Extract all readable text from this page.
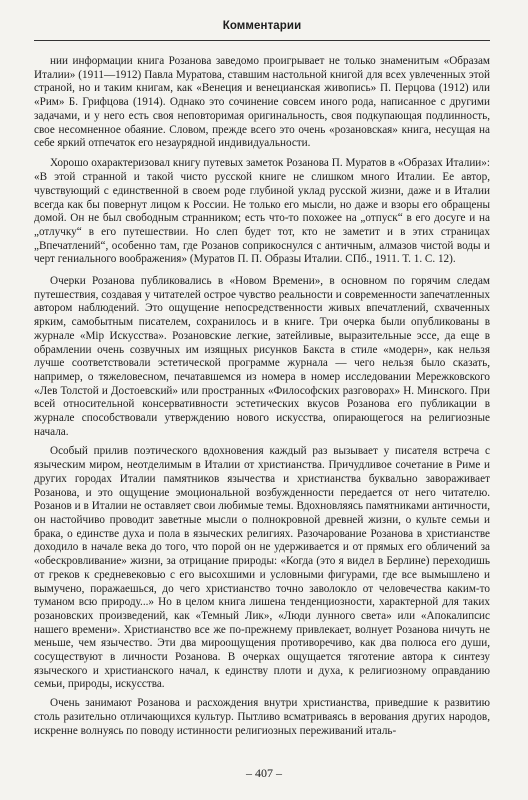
Комментарии

нии информации книга Розанова заведомо проигрывает не только знаменитым «Образам Италии» (1911—1912) Павла Муратова, ставшим настольной книгой для всех увлеченных этой страной, но и таким книгам, как «Венеция и венецианская живопись» П. Перцова (1912) или «Рим» Б. Грифцова (1914). Однако это сочинение совсем иного рода, написанное с другими задачами, и у него есть своя неповторимая оригинальность, своя подкупающая подлинность, свое несомненное обаяние. Словом, прежде всего это очень «розановская» книга, несущая на себе яркий отпечаток его незаурядной индивидуальности.

Хорошо охарактеризовал книгу путевых заметок Розанова П. Муратов в «Образах Италии»: «В этой странной и такой чисто русской книге не слишком много Италии. Ее автор, чувствующий с единственной в своем роде глубиной уклад русской жизни, даже и в Италии всегда как бы повернут лицом к России. Не только его мысли, но даже и взоры его обращены домой. Он не был свободным странником; есть что-то похожее на „отпуск“ в его досуге и на „отлучку“ в его путешествии. Но слеп будет тот, кто не заметит и в этих страницах „Впечатлений“, особенно там, где Розанов соприкоснулся с античным, алмазов чистой воды и черт гениального воображения» (Муратов П. П. Образы Италии. СПб., 1911. Т. 1. С. 12).

Очерки Розанова публиковались в «Новом Времени», в основном по горячим следам путешествия, создавая у читателей острое чувство реальности и современности запечатленных автором наблюдений. Это ощущение непосредственности живых впечатлений, схваченных ярким, самобытным писателем, сохранилось и в книге. Три очерка были опубликованы в журнале «Мір Искусства». Розановские легкие, затейливые, выразительные эссе, да еще в обрамлении очень созвучных им изящных рисунков Бакста в стиле «модерн», как нельзя лучше соответствовали эстетической программе журнала — чего нельзя было сказать, например, о тяжеловесном, печатавшемся из номера в номер исследовании Мережковского «Лев Толстой и Достоевский» или пространных «Философских разговорах» Н. Минского. При всей относительной консервативности эстетических вкусов Розанова его публикации в журнале способствовали утверждению нового искусства, опирающегося на религиозные начала.

Особый прилив поэтического вдохновения каждый раз вызывает у писателя встреча с языческим миром, неотделимым в Италии от христианства. Причудливое сочетание в Риме и других городах Италии памятников язычества и христианства буквально завораживает Розанова, и это ощущение эмоциональной возбужденности передается от него читателю. Розанов и в Италии не оставляет свои любимые темы. Вдохновляясь памятниками античности, он настойчиво проводит заветные мысли о полнокровной древней жизни, о культе семьи и брака, о единстве духа и пола в языческих религиях. Разочарование Розанова в христианстве доходило в начале века до того, что порой он не удерживается и от прямых его обличений за «обескровливание» жизни, за отрицание природы: «Когда (это я видел в Берлине) переходишь от греков к средневековью с его высохшими и условными фигурами, где все вымышлено и вымучено, поражаешься, до чего христианство точно заволокло от человечества каким-то туманом всю природу...» Но в целом книга лишена тенденциозности, характерной для таких розановских произведений, как «Темный Лик», «Люди лунного света» или «Апокалипсис нашего времени». Христианство все же по-прежнему привлекает, волнует Розанова ничуть не меньше, чем язычество. Эти два мироощущения противоречиво, как два полюса его души, сосуществуют в личности Розанова. В очерках ощущается тяготение автора к синтезу языческого и христианского начал, к единству плоти и духа, к религиозному оправданию семьи, природы, искусства.

Очень занимают Розанова и расхождения внутри христианства, приведшие к развитию столь разительно отличающихся культур. Пытливо всматриваясь в верования других народов, искренне волнуясь по поводу истинности религиозных переживаний италь-

– 407 –
